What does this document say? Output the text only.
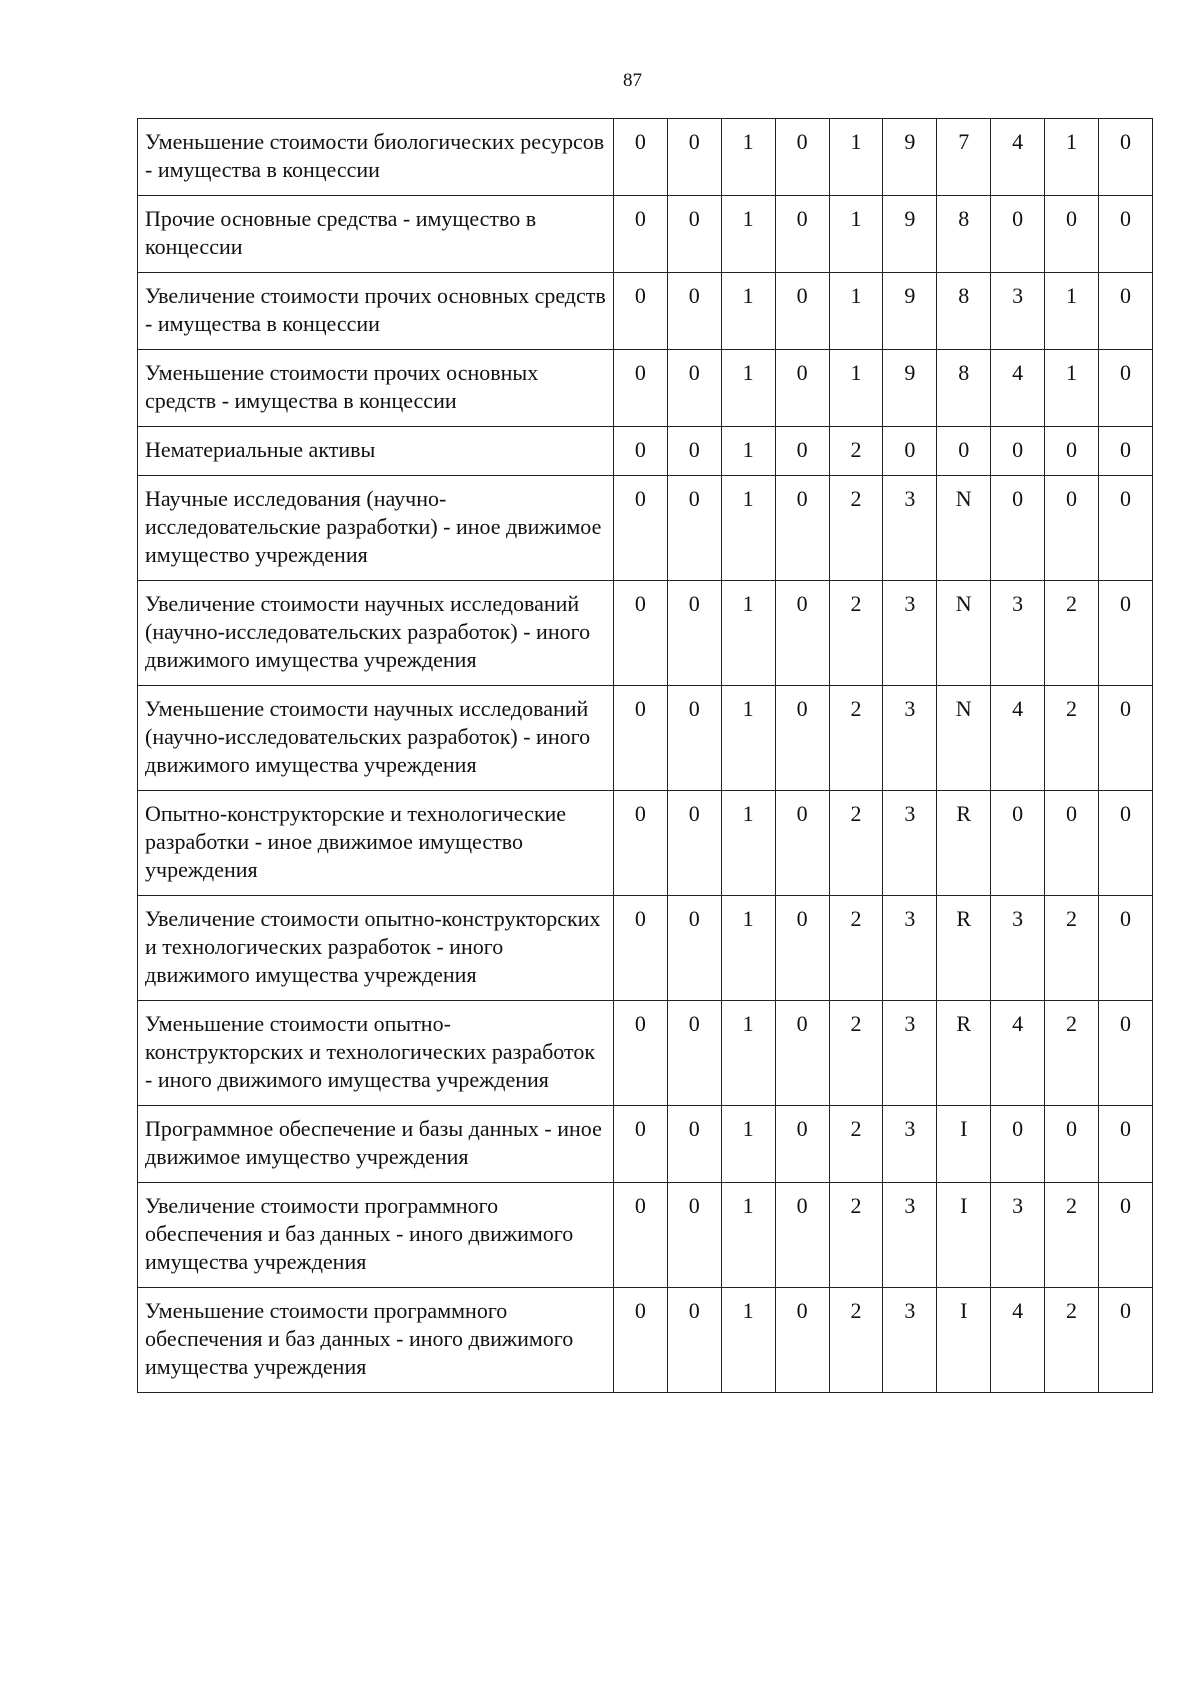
87
Уменьшение стоимости биологических ресурсов - имущества в концессии	0	0	1	0	1	9	7	4	1	0
Прочие основные средства - имущество в концессии	0	0	1	0	1	9	8	0	0	0
Увеличение стоимости прочих основных средств - имущества в концессии	0	0	1	0	1	9	8	3	1	0
Уменьшение стоимости прочих основных средств - имущества в концессии	0	0	1	0	1	9	8	4	1	0
Нематериальные активы	0	0	1	0	2	0	0	0	0	0
Научные исследования (научно-исследовательские разработки) - иное движимое имущество учреждения	0	0	1	0	2	3	N	0	0	0
Увеличение стоимости научных исследований (научно-исследовательских разработок) - иного движимого имущества учреждения	0	0	1	0	2	3	N	3	2	0
Уменьшение стоимости научных исследований (научно-исследовательских разработок) - иного движимого имущества учреждения	0	0	1	0	2	3	N	4	2	0
Опытно-конструкторские и технологические разработки - иное движимое имущество учреждения	0	0	1	0	2	3	R	0	0	0
Увеличение стоимости опытно-конструкторских и технологических разработок - иного движимого имущества учреждения	0	0	1	0	2	3	R	3	2	0
Уменьшение стоимости опытно-конструкторских и технологических разработок - иного движимого имущества учреждения	0	0	1	0	2	3	R	4	2	0
Программное обеспечение и базы данных - иное движимое имущество учреждения	0	0	1	0	2	3	I	0	0	0
Увеличение стоимости программного обеспечения и баз данных - иного движимого имущества учреждения	0	0	1	0	2	3	I	3	2	0
Уменьшение стоимости программного обеспечения и баз данных - иного движимого имущества учреждения	0	0	1	0	2	3	I	4	2	0
